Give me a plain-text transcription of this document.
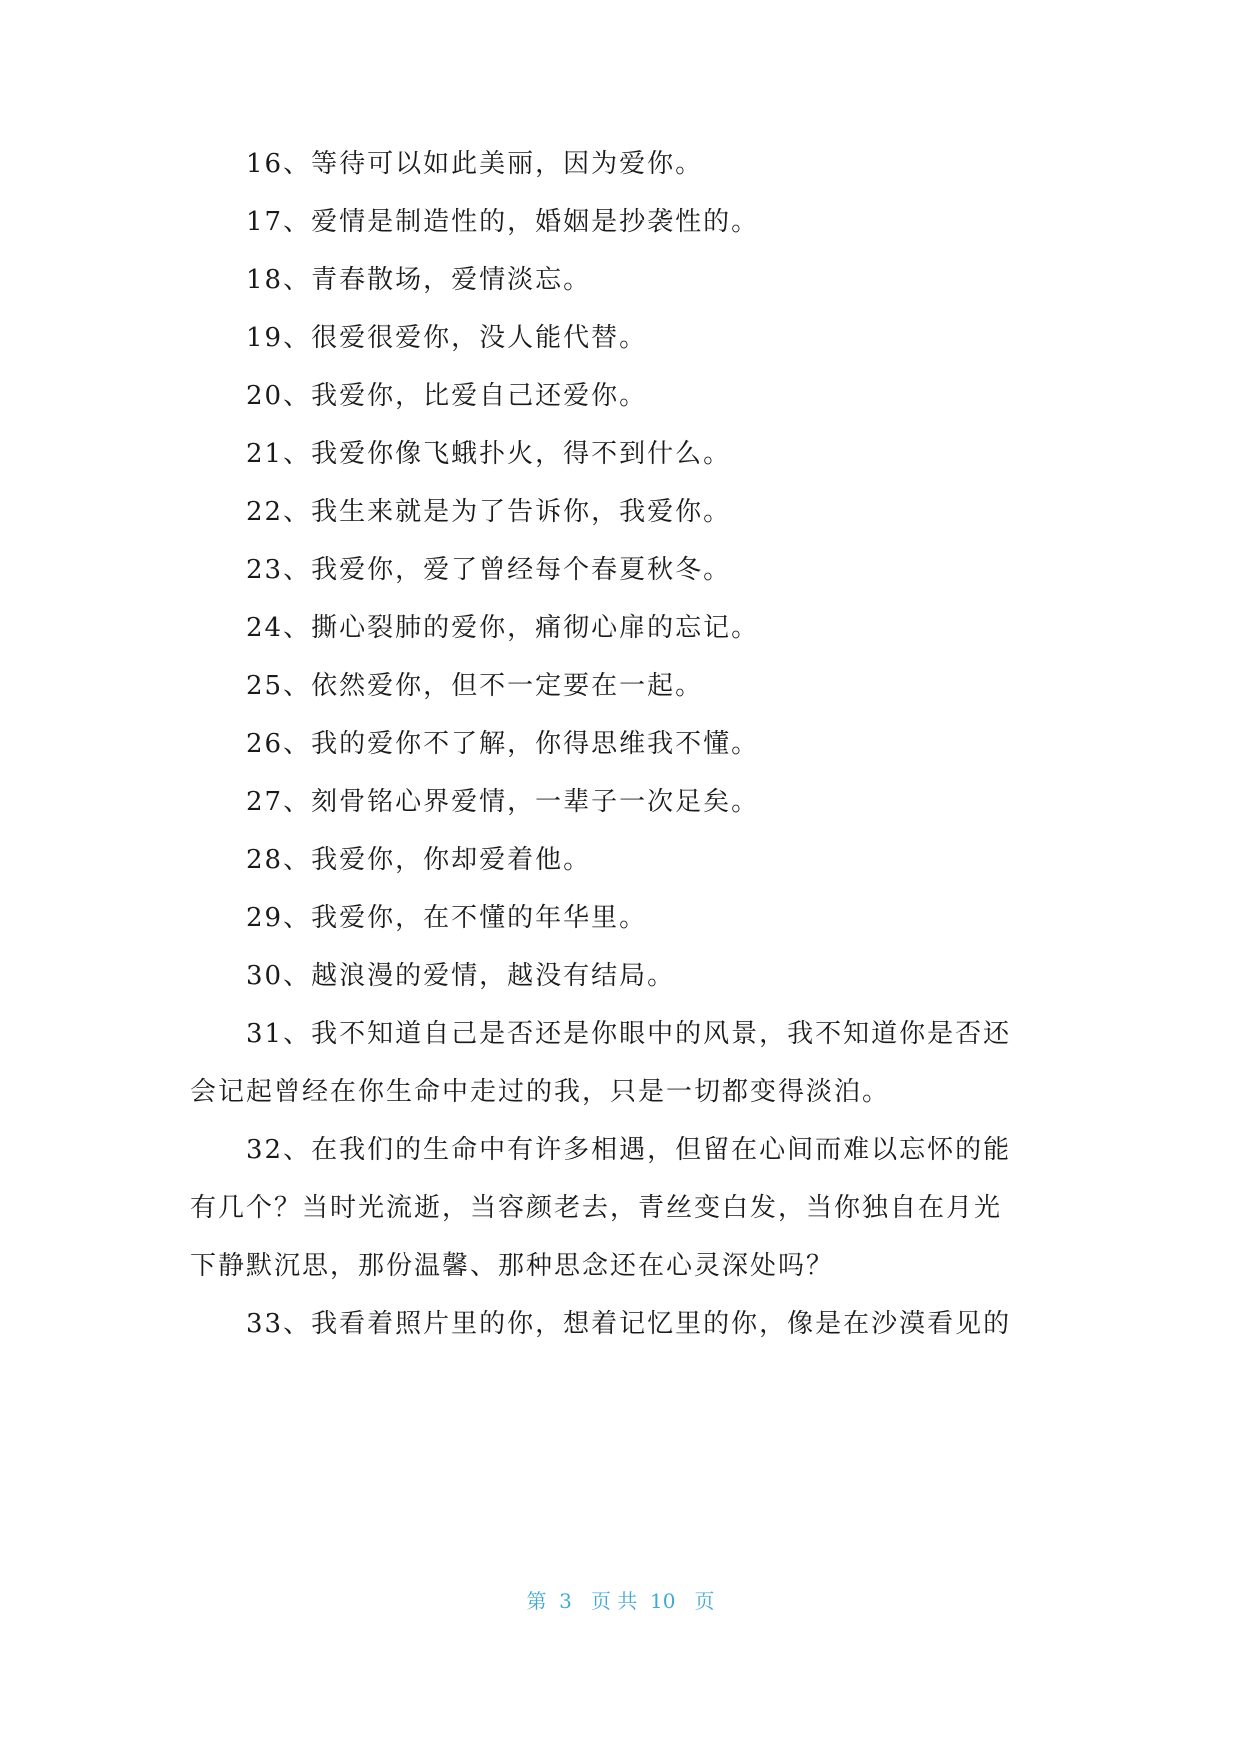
16、等待可以如此美丽，因为爱你。
17、爱情是制造性的，婚姻是抄袭性的。
18、青春散场，爱情淡忘。
19、很爱很爱你，没人能代替。
20、我爱你，比爱自己还爱你。
21、我爱你像飞蛾扑火，得不到什么。
22、我生来就是为了告诉你，我爱你。
23、我爱你，爱了曾经每个春夏秋冬。
24、撕心裂肺的爱你，痛彻心扉的忘记。
25、依然爱你，但不一定要在一起。
26、我的爱你不了解，你得思维我不懂。
27、刻骨铭心界爱情，一辈子一次足矣。
28、我爱你，你却爱着他。
29、我爱你，在不懂的年华里。
30、越浪漫的爱情，越没有结局。
31、我不知道自己是否还是你眼中的风景，我不知道你是否还
会记起曾经在你生命中走过的我，只是一切都变得淡泊。
32、在我们的生命中有许多相遇，但留在心间而难以忘怀的能
有几个？当时光流逝，当容颜老去，青丝变白发，当你独自在月光
下静默沉思，那份温馨、那种思念还在心灵深处吗？
33、我看着照片里的你，想着记忆里的你，像是在沙漠看见的
第  3   页 共  10   页
